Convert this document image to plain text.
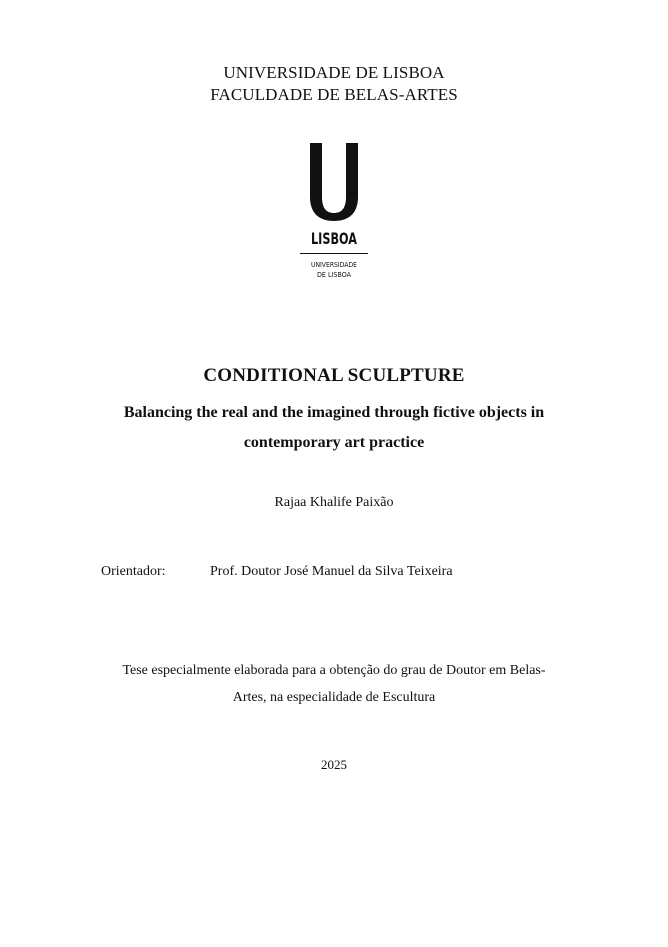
UNIVERSIDADE DE LISBOA
FACULDADE DE BELAS-ARTES
LISBOA
UNIVERSIDADE
DE LISBOA
CONDITIONAL SCULPTURE
Balancing the real and the imagined through fictive objects in
contemporary art practice
Rajaa Khalife Paixão
Orientador:	Prof. Doutor José Manuel da Silva Teixeira
Tese especialmente elaborada para a obtenção do grau de Doutor em Belas-
Artes, na especialidade de Escultura
2025
